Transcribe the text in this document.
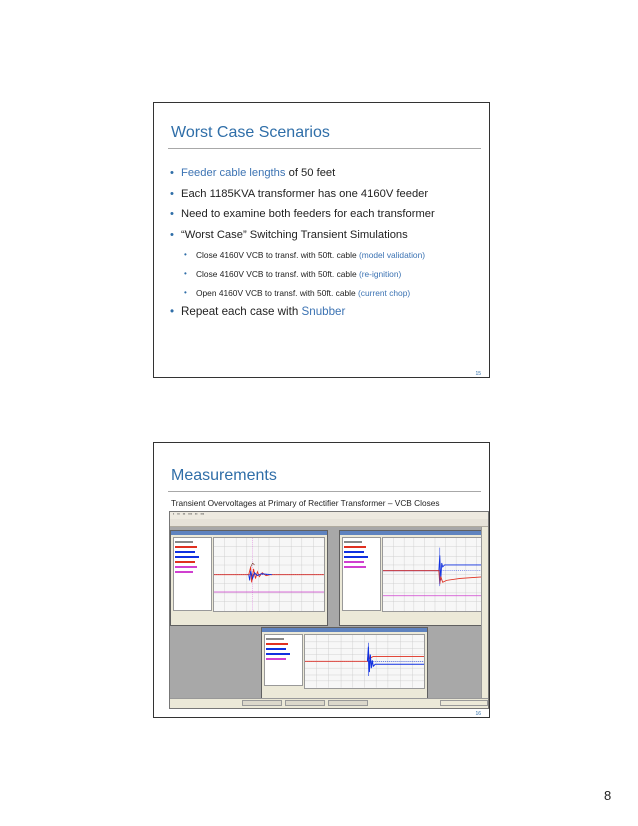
Worst Case Scenarios
• Feeder cable lengths of 50 feet
• Each 1185KVA transformer has one 4160V feeder
• Need to examine both feeders for each transformer
• “Worst Case” Switching Transient Simulations
• Close 4160V VCB to transf. with 50ft. cable (model validation)
• Close 4160V VCB to transf. with 50ft. cable (re-ignition)
• Open 4160V VCB to transf. with 50ft. cable (current chop)
• Repeat each case with Snubber
15
Measurements
Transient Overvoltages at Primary of Rectifier Transformer – VCB Closes
▪ ▪▪ ▪▪ ▪▪▪ ▪▪ ▪▪▪
16
8
